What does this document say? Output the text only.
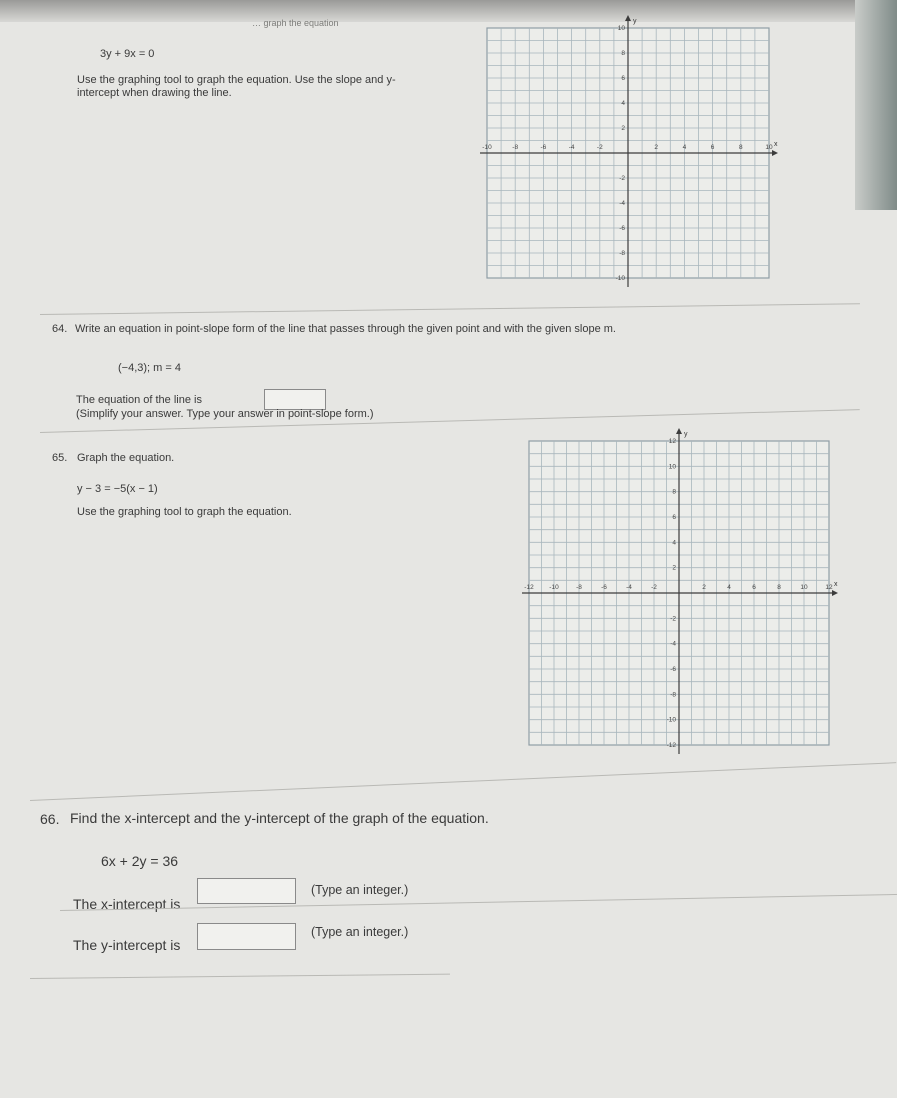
… graph the equation
3y + 9x = 0
Use the graphing tool to graph the equation. Use the slope and y-intercept when drawing the line.
x
y
-10	-8	-6	-4	-2	2	4	6	8	10
10
8
6
4
2
-2
-4
-6
-8
-10
64. Write an equation in point-slope form of the line that passes through the given point and with the given slope m.
(−4,3); m = 4
The equation of the line is
(Simplify your answer. Type your answer in point-slope form.)
65. Graph the equation.
y − 3 = −5(x − 1)
Use the graphing tool to graph the equation.
x
y
-12 -10	-8	-6	-4	-2	2	4	6	8	10	12
12
10
8
6
4
2
-2
-4
-6
-8
-10
-12
66. Find the x-intercept and the y-intercept of the graph of the equation.
6x + 2y = 36
The x-intercept is
(Type an integer.)
The y-intercept is
(Type an integer.)
